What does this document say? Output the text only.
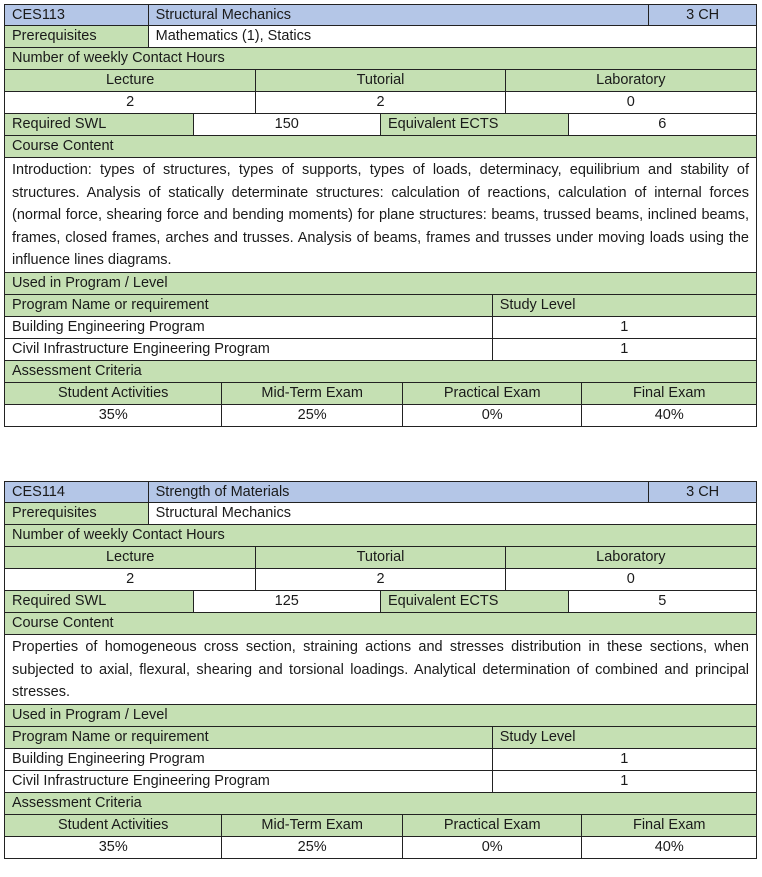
CES113	Structural Mechanics	3 CH
Prerequisites	Mathematics (1), Statics
Number of weekly Contact Hours
Lecture	Tutorial	Laboratory
2	2	0
Required SWL	150	Equivalent ECTS	6
Course Content
Introduction: types of structures, types of supports, types of loads, determinacy, equilibrium and stability of structures. Analysis of statically determinate structures: calculation of reactions, calculation of internal forces (normal force, shearing force and bending moments) for plane structures: beams, trussed beams, inclined beams, frames, closed frames, arches and trusses. Analysis of beams, frames and trusses under moving loads using the influence lines diagrams.
Used in Program / Level
Program Name or requirement	Study Level
Building Engineering Program	1
Civil Infrastructure Engineering Program	1
Assessment Criteria
Student Activities	Mid-Term Exam	Practical Exam	Final Exam
35%	25%	0%	40%
CES114	Strength of Materials	3 CH
Prerequisites	Structural Mechanics
Number of weekly Contact Hours
Lecture	Tutorial	Laboratory
2	2	0
Required SWL	125	Equivalent ECTS	5
Course Content
Properties of homogeneous cross section, straining actions and stresses distribution in these sections, when subjected to axial, flexural, shearing and torsional loadings. Analytical determination of combined and principal stresses.
Used in Program / Level
Program Name or requirement	Study Level
Building Engineering Program	1
Civil Infrastructure Engineering Program	1
Assessment Criteria
Student Activities	Mid-Term Exam	Practical Exam	Final Exam
35%	25%	0%	40%
